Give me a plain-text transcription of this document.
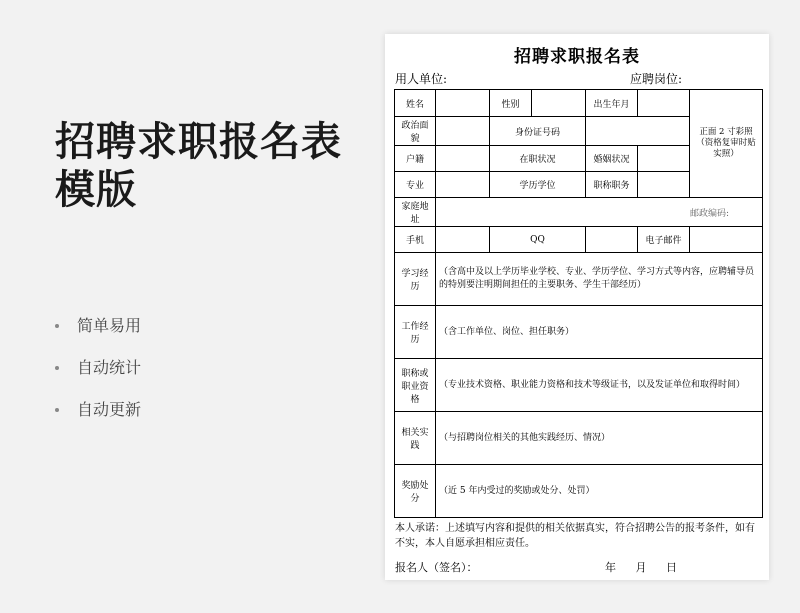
招聘求职报名表模版
简单易用
自动统计
自动更新
招聘求职报名表
用人单位:	应聘岗位:
姓名		性别		出生年月		正面 2 寸彩照（资格复审时贴实照）
政治面貌		身份证号码				
户籍		在职状况		婚姻状况		
专业		学历学位		职称职务		
家庭地址	邮政编码:					

手机		QQ			电子邮件	
学习经历	（含高中及以上学历毕业学校、专业、学历学位、学习方式等内容，应聘辅导员的特别要注明期间担任的主要职务、学生干部经历）					
工作经历	（含工作单位、岗位、担任职务）					
职称或职业资格	（专业技术资格、职业能力资格和技术等级证书，以及发证单位和取得时间）					
相关实践	（与招聘岗位相关的其他实践经历、情况）					
奖励处分	（近 5 年内受过的奖励或处分、处罚）					
本人承诺：上述填写内容和提供的相关依据真实，符合招聘公告的报考条件，如有不实，本人自愿承担相应责任。
报名人（签名）：	年 月 日
